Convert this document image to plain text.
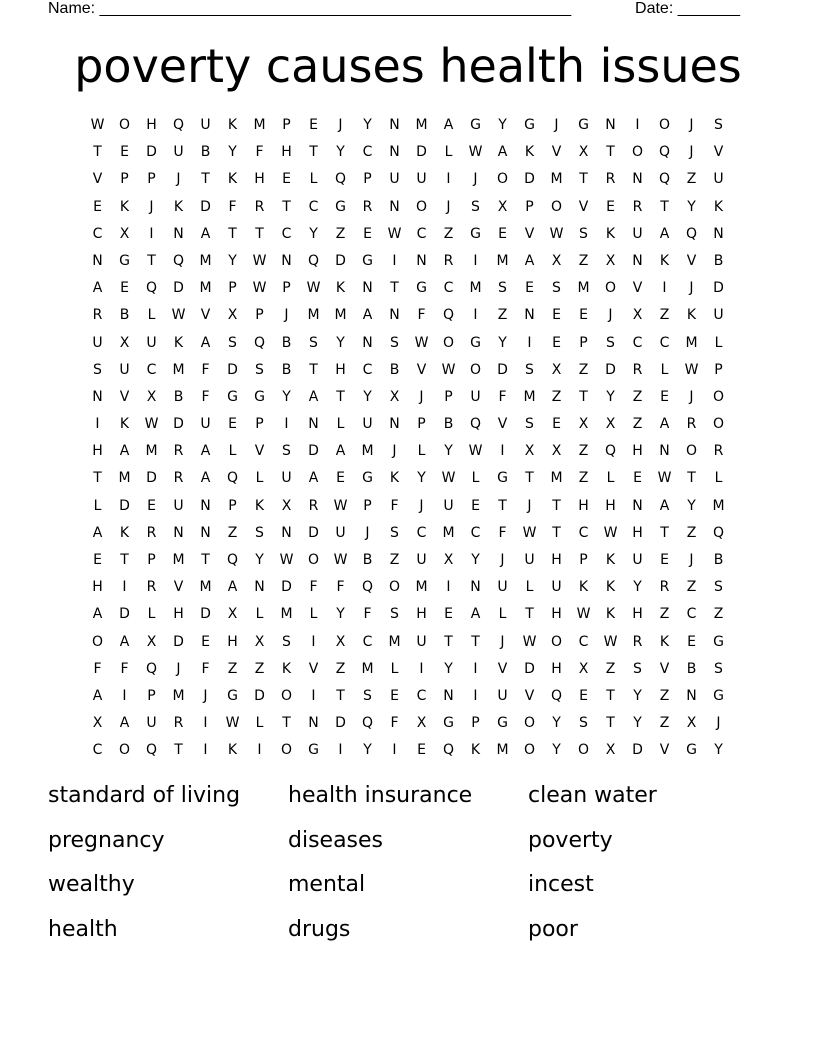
Name: _____________________________________________________	Date: _______
poverty causes health issues
W	O	H	Q	U	K	M	P	E	J	Y	N	M	A	G	Y	G	J	G	N	I	O	J	S
T	E	D	U	B	Y	F	H	T	Y	C	N	D	L	W	A	K	V	X	T	O	Q	J	V
V	P	P	J	T	K	H	E	L	Q	P	U	U	I	J	O	D	M	T	R	N	Q	Z	U
E	K	J	K	D	F	R	T	C	G	R	N	O	J	S	X	P	O	V	E	R	T	Y	K
C	X	I	N	A	T	T	C	Y	Z	E	W	C	Z	G	E	V	W	S	K	U	A	Q	N
N	G	T	Q	M	Y	W	N	Q	D	G	I	N	R	I	M	A	X	Z	X	N	K	V	B
A	E	Q	D	M	P	W	P	W	K	N	T	G	C	M	S	E	S	M	O	V	I	J	D
R	B	L	W	V	X	P	J	M	M	A	N	F	Q	I	Z	N	E	E	J	X	Z	K	U
U	X	U	K	A	S	Q	B	S	Y	N	S	W	O	G	Y	I	E	P	S	C	C	M	L
S	U	C	M	F	D	S	B	T	H	C	B	V	W	O	D	S	X	Z	D	R	L	W	P
N	V	X	B	F	G	G	Y	A	T	Y	X	J	P	U	F	M	Z	T	Y	Z	E	J	O
I	K	W	D	U	E	P	I	N	L	U	N	P	B	Q	V	S	E	X	X	Z	A	R	O
H	A	M	R	A	L	V	S	D	A	M	J	L	Y	W	I	X	X	Z	Q	H	N	O	R
T	M	D	R	A	Q	L	U	A	E	G	K	Y	W	L	G	T	M	Z	L	E	W	T	L
L	D	E	U	N	P	K	X	R	W	P	F	J	U	E	T	J	T	H	H	N	A	Y	M
A	K	R	N	N	Z	S	N	D	U	J	S	C	M	C	F	W	T	C	W	H	T	Z	Q
E	T	P	M	T	Q	Y	W	O	W	B	Z	U	X	Y	J	U	H	P	K	U	E	J	B
H	I	R	V	M	A	N	D	F	F	Q	O	M	I	N	U	L	U	K	K	Y	R	Z	S
A	D	L	H	D	X	L	M	L	Y	F	S	H	E	A	L	T	H	W	K	H	Z	C	Z
O	A	X	D	E	H	X	S	I	X	C	M	U	T	T	J	W	O	C	W	R	K	E	G
F	F	Q	J	F	Z	Z	K	V	Z	M	L	I	Y	I	V	D	H	X	Z	S	V	B	S
A	I	P	M	J	G	D	O	I	T	S	E	C	N	I	U	V	Q	E	T	Y	Z	N	G
X	A	U	R	I	W	L	T	N	D	Q	F	X	G	P	G	O	Y	S	T	Y	Z	X	J
C	O	Q	T	I	K	I	O	G	I	Y	I	E	Q	K	M	O	Y	O	X	D	V	G	Y
standard of living	health insurance	clean water
pregnancy	diseases	poverty
wealthy	mental	incest
health	drugs	poor
